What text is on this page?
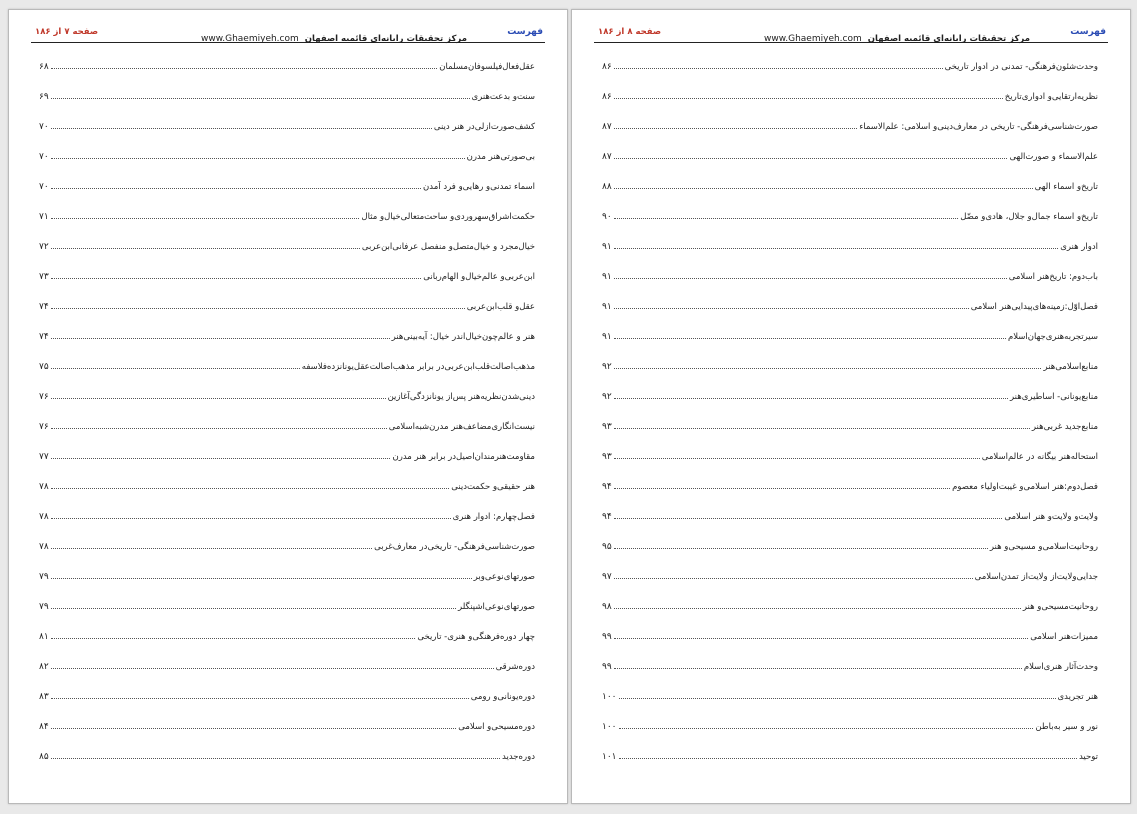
صفحه ۸ از ۱۸۶
www.Ghaemiyeh.com مرکز تحقیقات رایانه‌ای قائمیه اصفهان
فهرست
وحدت‌شئون‌فرهنگی- تمدنی در ادوار تاریخی
۸۶
نظریه‌ارتقایی‌و ادواری‌تاریخ
۸۶
صورت‌شناسی‌فرهنگی- تاریخی در معارف‌دینی‌و اسلامی: علم‌الاسماء
۸۷
علم‌الاسماء و صورت‌الهی
۸۷
تاریخ‌و اسماء الهی
۸۸
تاریخ‌و اسماء جمال‌و جلال، هادی‌و مضّل
۹۰
ادوار هنری
۹۱
باب‌دوم: تاریخ‌هنر اسلامی
۹۱
فصل‌اوّل:زمینه‌های‌پیدایی‌هنر اسلامی
۹۱
سیر‌تجربه‌هنری‌جهان‌اسلام
۹۱
منابع‌اسلامی‌هنر
۹۲
منابع‌یونانی- اساطیری‌هنر
۹۲
منابع‌جدید غربی‌هنر
۹۳
استحاله‌هنر بیگانه در عالم‌اسلامی
۹۳
فصل‌دوم:هنر اسلامی‌و غیبت‌اولیاء معصوم
۹۴
ولایت‌و ولایت‌و هنر اسلامی
۹۴
روحانیت‌اسلامی‌و مسیحی‌و هنر
۹۵
جدایی‌ولایت‌از ولایت‌از تمدن‌اسلامی
۹۷
روحانیت‌مسیحی‌و هنر
۹۸
ممیزات‌هنر اسلامی
۹۹
وحدت‌آثار هنری‌اسلام
۹۹
هنر تجریدی
۱۰۰
نور و سیر به‌باطن
۱۰۰
توحید
۱۰۱
صفحه ۷ از ۱۸۶
www.Ghaemiyeh.com مرکز تحقیقات رایانه‌ای قائمیه اصفهان
فهرست
عقل‌فعال‌فیلسوفان‌مسلمان
۶۸
سنت‌و بدعت‌هنری
۶۹
کشف‌صورت‌ازلی‌در هنر دینی
۷۰
بی‌صورتی‌هنر مدرن
۷۰
اسماء تمدنی‌و رهایی‌و فرد آمدن
۷۰
حکمت‌اشراق‌سهروردی‌و ساحت‌متعالی‌خیال‌و مثال
۷۱
خیال‌مجرد و خیال‌متصل‌و منفصل عرفانی‌ابن‌عربی
۷۲
ابن‌عربی‌و عالم‌خیال‌و الهام‌ربانی
۷۳
عقل‌و قلب‌ابن‌عربی
۷۴
هنر و عالم‌چون‌خیال‌اندر خیال: آیه‌بینی‌هنر
۷۴
مذهب‌اصالت‌قلب‌ابن‌عربی‌در برابر مذهب‌اصالت‌عقل‌یونانزده‌فلاسفه
۷۵
دینی‌شدن‌نظریه‌هنر پس‌از یونانزدگی‌آغازین
۷۶
نیست‌انگاری‌مضاعف‌هنر مدرن‌شبه‌اسلامی
۷۶
مقاومت‌هنرمندان‌اصیل‌در برابر هنر مدرن
۷۷
هنر حقیقی‌و حکمت‌دینی
۷۸
فصل‌چهارم: ادوار هنری
۷۸
صورت‌شناسی‌فرهنگی- تاریخی‌در معارف‌غربی
۷۸
صورتهای‌نوعی‌وبر
۷۹
صورتهای‌نوعی‌اشپنگلر
۷۹
چهار دوره‌فرهنگی‌و هنری- تاریخی
۸۱
دوره‌شرقی
۸۲
دوره‌یونانی‌و رومی
۸۳
دوره‌مسیحی‌و اسلامی
۸۴
دوره‌جدید
۸۵
